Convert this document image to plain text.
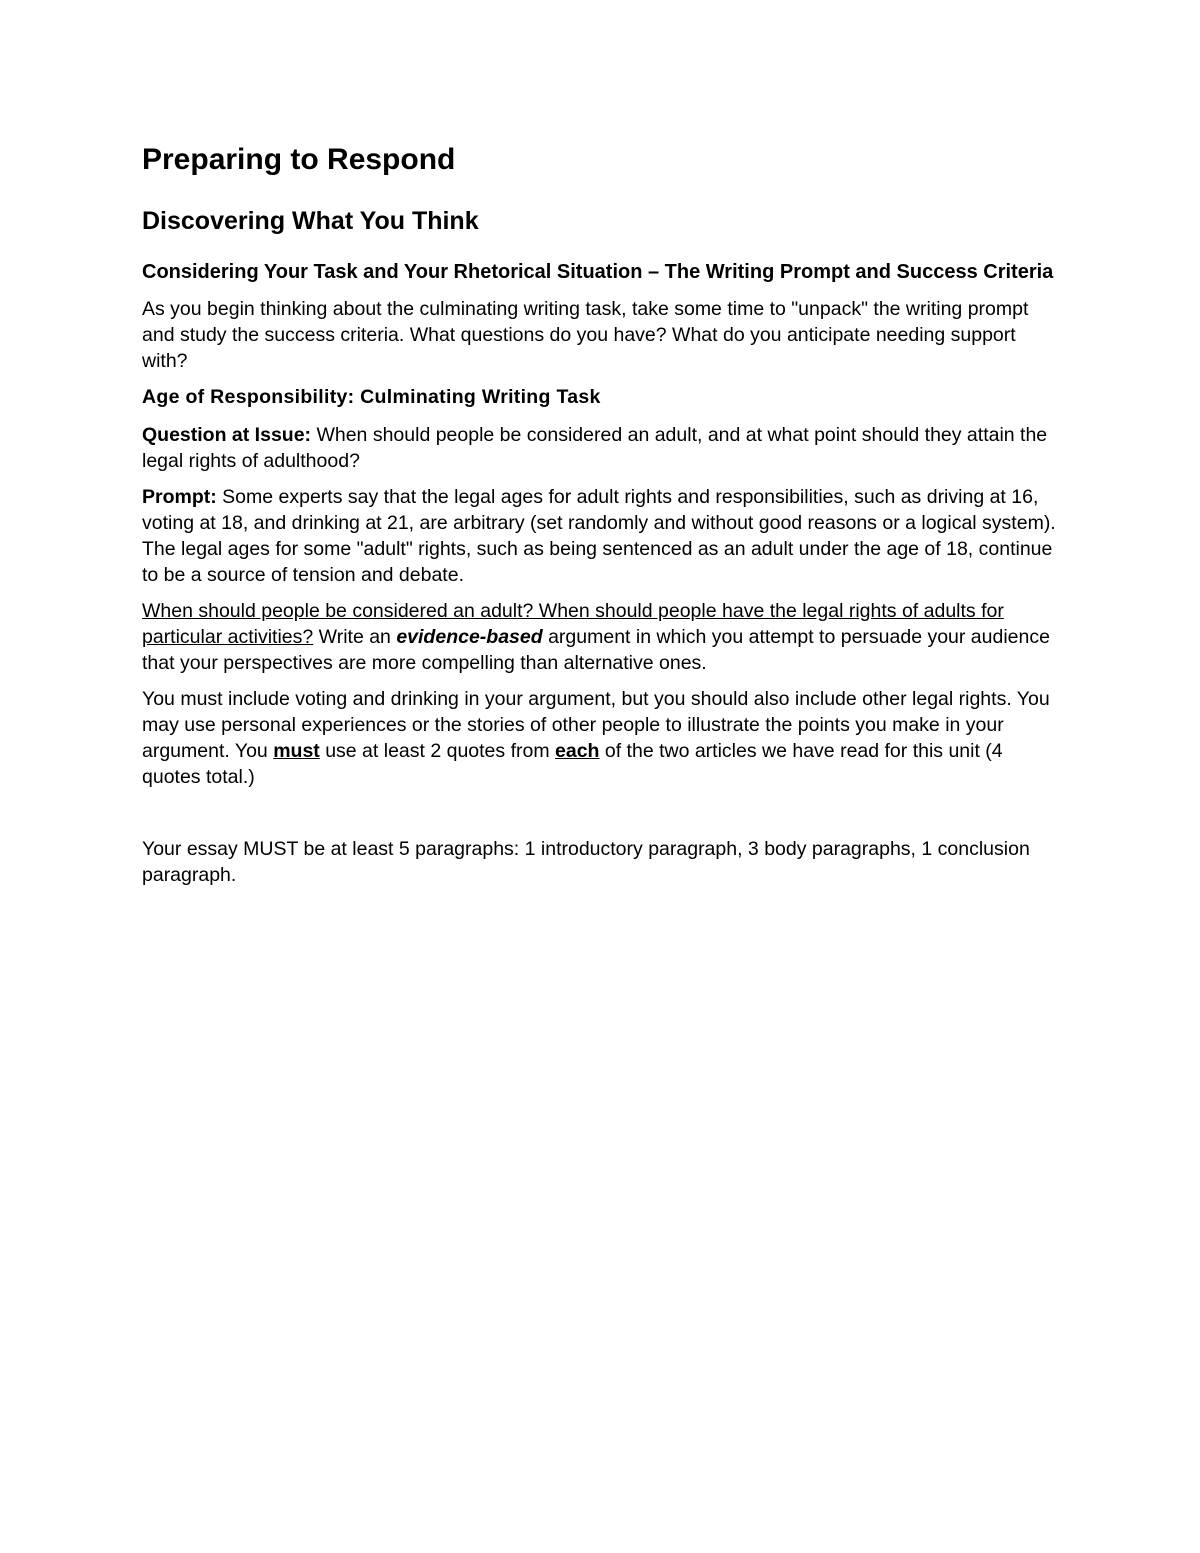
Preparing to Respond
Discovering What You Think
Considering Your Task and Your Rhetorical Situation – The Writing Prompt and Success Criteria

As you begin thinking about the culminating writing task, take some time to "unpack" the writing prompt and study the success criteria. What questions do you have? What do you anticipate needing support with?

Age of Responsibility: Culminating Writing Task

Question at Issue: When should people be considered an adult, and at what point should they attain the legal rights of adulthood?

Prompt: Some experts say that the legal ages for adult rights and responsibilities, such as driving at 16, voting at 18, and drinking at 21, are arbitrary (set randomly and without good reasons or a logical system). The legal ages for some "adult" rights, such as being sentenced as an adult under the age of 18, continue to be a source of tension and debate.

When should people be considered an adult? When should people have the legal rights of adults for particular activities? Write an evidence-based argument in which you attempt to persuade your audience that your perspectives are more compelling than alternative ones.

You must include voting and drinking in your argument, but you should also include other legal rights. You may use personal experiences or the stories of other people to illustrate the points you make in your argument. You must use at least 2 quotes from each of the two articles we have read for this unit (4 quotes total.)

Your essay MUST be at least 5 paragraphs: 1 introductory paragraph, 3 body paragraphs, 1 conclusion paragraph.
